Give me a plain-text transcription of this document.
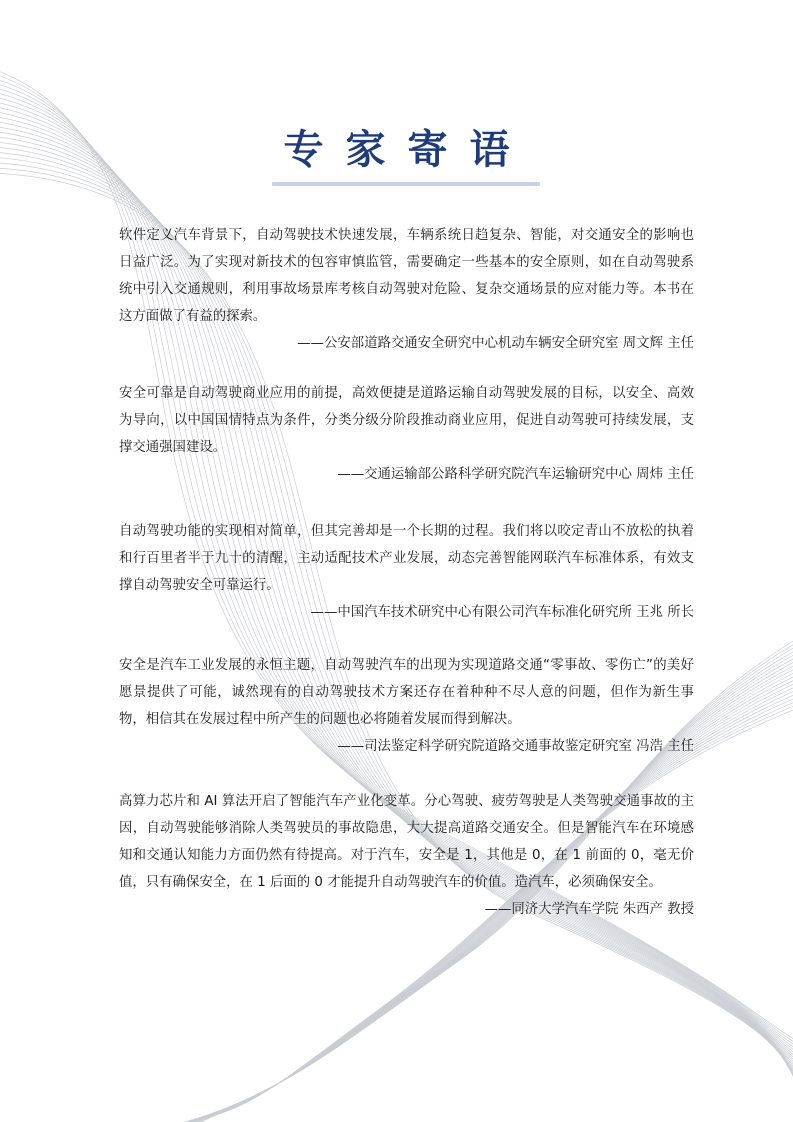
专家寄语

软件定义汽车背景下，自动驾驶技术快速发展，车辆系统日趋复杂、智能，对交通安全的影响也日益广泛。为了实现对新技术的包容审慎监管，需要确定一些基本的安全原则，如在自动驾驶系统中引入交通规则，利用事故场景库考核自动驾驶对危险、复杂交通场景的应对能力等。本书在这方面做了有益的探索。

——公安部道路交通安全研究中心机动车辆安全研究室 周文辉 主任

安全可靠是自动驾驶商业应用的前提，高效便捷是道路运输自动驾驶发展的目标，以安全、高效为导向，以中国国情特点为条件，分类分级分阶段推动商业应用，促进自动驾驶可持续发展，支撑交通强国建设。

——交通运输部公路科学研究院汽车运输研究中心 周炜 主任

自动驾驶功能的实现相对简单，但其完善却是一个长期的过程。我们将以咬定青山不放松的执着和行百里者半于九十的清醒，主动适配技术产业发展，动态完善智能网联汽车标准体系，有效支撑自动驾驶安全可靠运行。

——中国汽车技术研究中心有限公司汽车标准化研究所 王兆 所长

安全是汽车工业发展的永恒主题，自动驾驶汽车的出现为实现道路交通“零事故、零伤亡”的美好愿景提供了可能，诚然现有的自动驾驶技术方案还存在着种种不尽人意的问题，但作为新生事物，相信其在发展过程中所产生的问题也必将随着发展而得到解决。

——司法鉴定科学研究院道路交通事故鉴定研究室 冯浩 主任

高算力芯片和 AI 算法开启了智能汽车产业化变革。分心驾驶、疲劳驾驶是人类驾驶交通事故的主因，自动驾驶能够消除人类驾驶员的事故隐患，大大提高道路交通安全。但是智能汽车在环境感知和交通认知能力方面仍然有待提高。对于汽车，安全是 1，其他是 0，在 1 前面的 0，毫无价值，只有确保安全，在 1 后面的 0 才能提升自动驾驶汽车的价值。造汽车，必须确保安全。

——同济大学汽车学院 朱西产 教授
